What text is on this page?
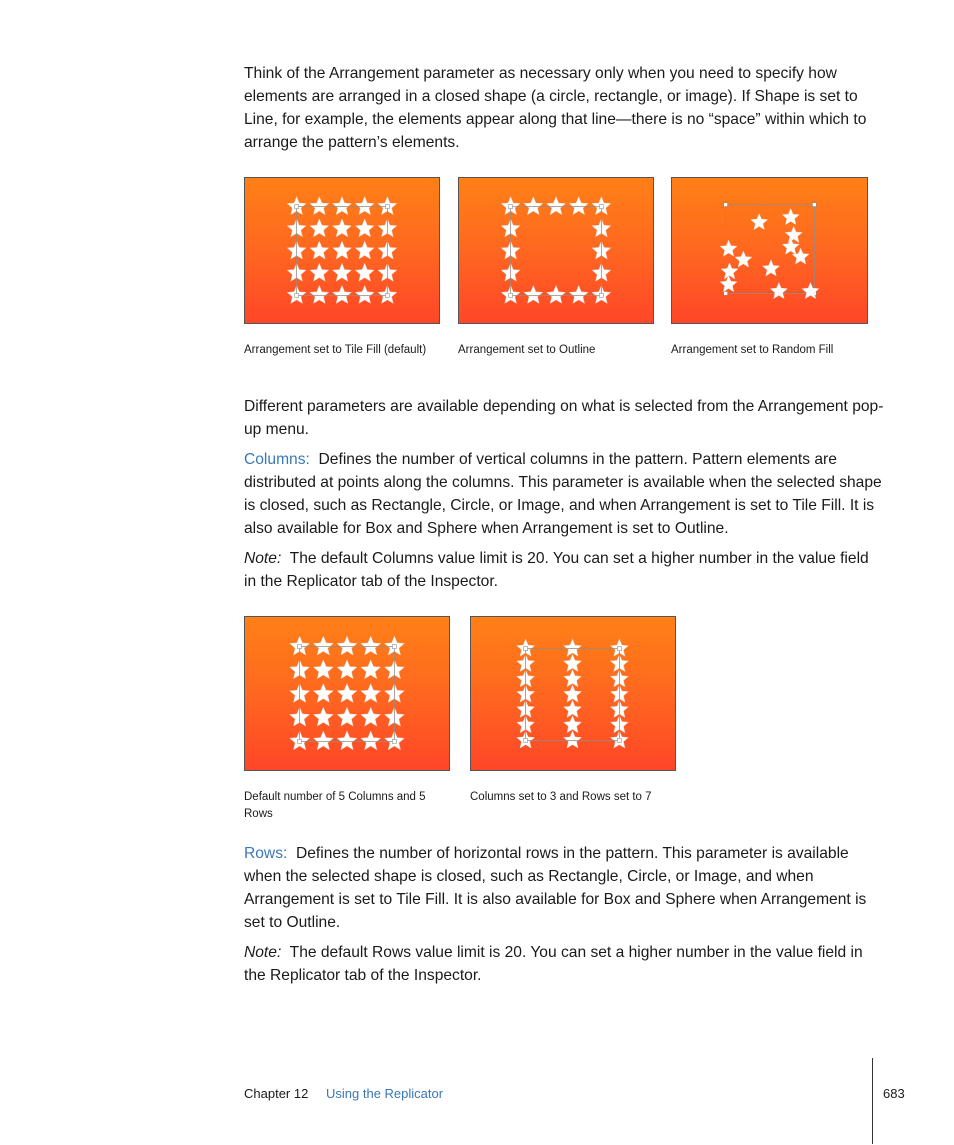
Think of the Arrangement parameter as necessary only when you need to specify how elements are arranged in a closed shape (a circle, rectangle, or image). If Shape is set to Line, for example, the elements appear along that line—there is no “space” within which to arrange the pattern’s elements.

Arrangement set to Tile Fill (default)	Arrangement set to Outline	Arrangement set to Random Fill

Different parameters are available depending on what is selected from the Arrangement pop-up menu.

Columns: Defines the number of vertical columns in the pattern. Pattern elements are distributed at points along the columns. This parameter is available when the selected shape is closed, such as Rectangle, Circle, or Image, and when Arrangement is set to Tile Fill. It is also available for Box and Sphere when Arrangement is set to Outline.

Note: The default Columns value limit is 20. You can set a higher number in the value field in the Replicator tab of the Inspector.

Default number of 5 Columns and 5 Rows

Columns set to 3 and Rows set to 7

Rows: Defines the number of horizontal rows in the pattern. This parameter is available when the selected shape is closed, such as Rectangle, Circle, or Image, and when Arrangement is set to Tile Fill. It is also available for Box and Sphere when Arrangement is set to Outline.

Note: The default Rows value limit is 20. You can set a higher number in the value field in the Replicator tab of the Inspector.

Chapter 12 Using the Replicator	683
